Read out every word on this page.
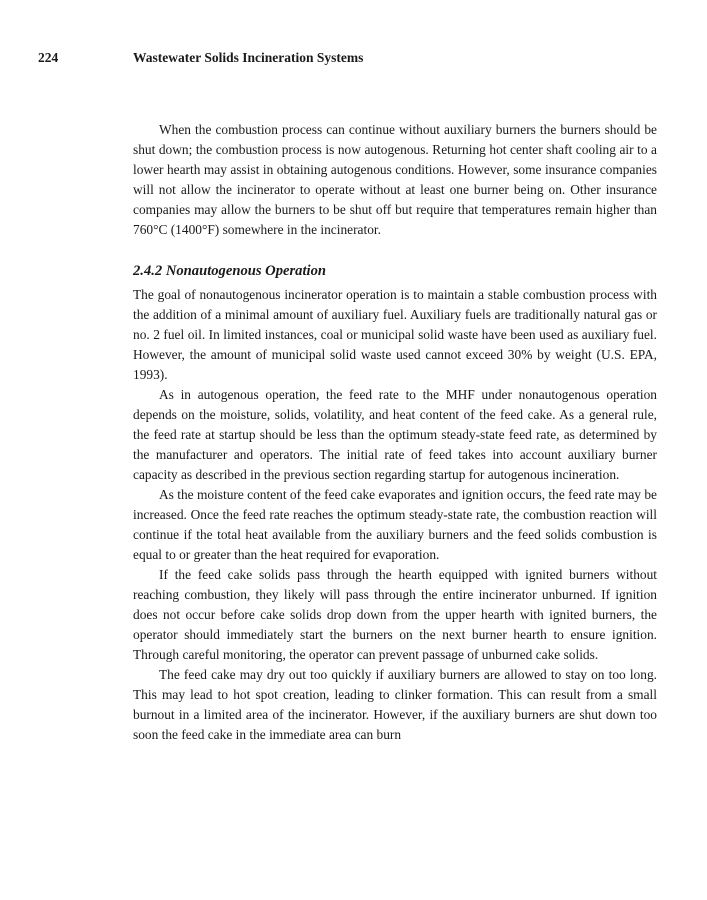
224	Wastewater Solids Incineration Systems

When the combustion process can continue without auxiliary burners the burners should be shut down; the combustion process is now autogenous. Returning hot center shaft cooling air to a lower hearth may assist in obtaining autogenous conditions. However, some insurance companies will not allow the incinerator to operate without at least one burner being on. Other insurance companies may allow the burners to be shut off but require that temperatures remain higher than 760°C (1400°F) somewhere in the incinerator.

2.4.2 Nonautogenous Operation

The goal of nonautogenous incinerator operation is to maintain a stable combustion process with the addition of a minimal amount of auxiliary fuel. Auxiliary fuels are traditionally natural gas or no. 2 fuel oil. In limited instances, coal or municipal solid waste have been used as auxiliary fuel. However, the amount of municipal solid waste used cannot exceed 30% by weight (U.S. EPA, 1993).

As in autogenous operation, the feed rate to the MHF under nonautogenous operation depends on the moisture, solids, volatility, and heat content of the feed cake. As a general rule, the feed rate at startup should be less than the optimum steady-state feed rate, as determined by the manufacturer and operators. The initial rate of feed takes into account auxiliary burner capacity as described in the previous section regarding startup for autogenous incineration.

As the moisture content of the feed cake evaporates and ignition occurs, the feed rate may be increased. Once the feed rate reaches the optimum steady-state rate, the combustion reaction will continue if the total heat available from the auxiliary burners and the feed solids combustion is equal to or greater than the heat required for evaporation.

If the feed cake solids pass through the hearth equipped with ignited burners without reaching combustion, they likely will pass through the entire incinerator unburned. If ignition does not occur before cake solids drop down from the upper hearth with ignited burners, the operator should immediately start the burners on the next burner hearth to ensure ignition. Through careful monitoring, the operator can prevent passage of unburned cake solids.

The feed cake may dry out too quickly if auxiliary burners are allowed to stay on too long. This may lead to hot spot creation, leading to clinker formation. This can result from a small burnout in a limited area of the incinerator. However, if the auxiliary burners are shut down too soon the feed cake in the immediate area can burn
